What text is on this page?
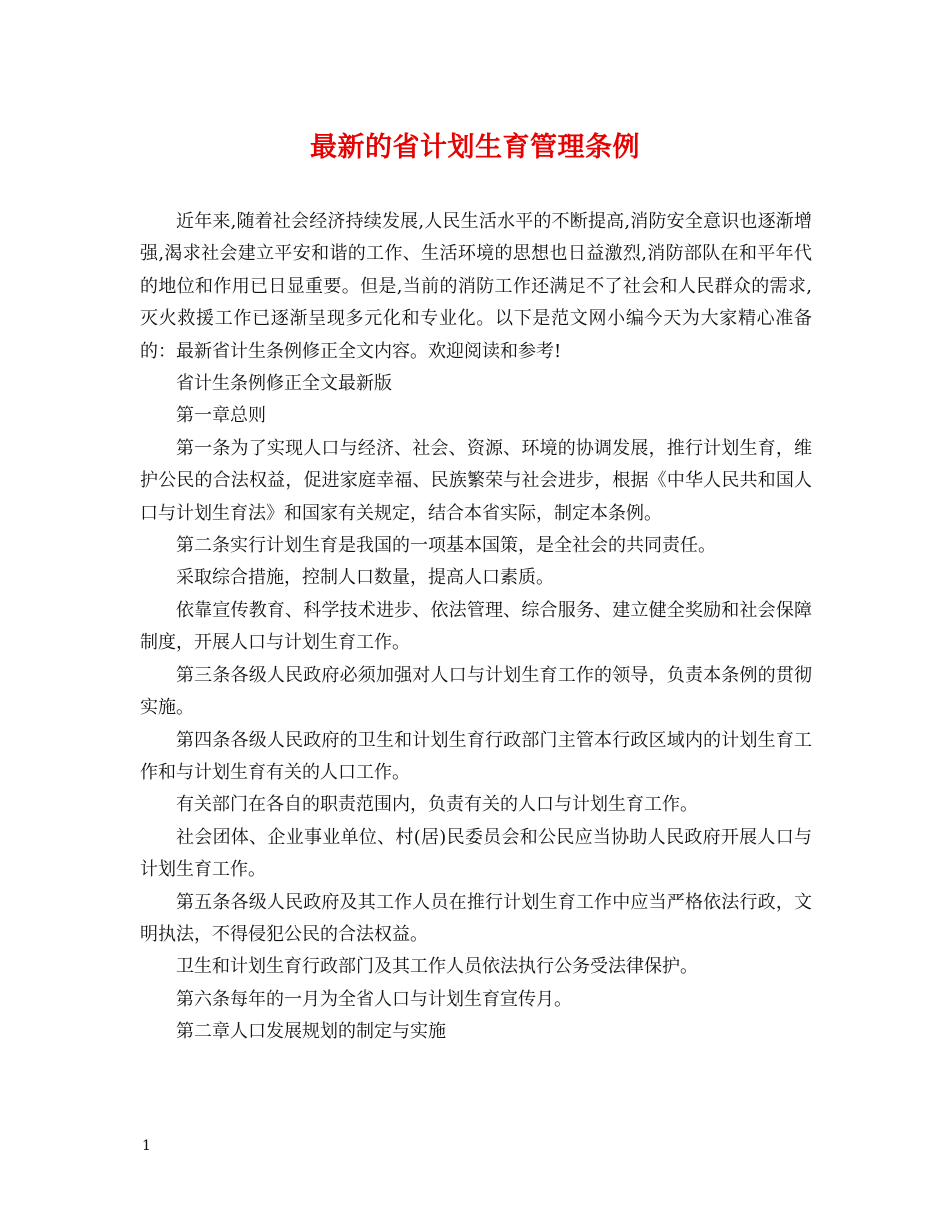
最新的省计划生育管理条例

近年来,随着社会经济持续发展,人民生活水平的不断提高,消防安全意识也逐渐增强,渴求社会建立平安和谐的工作、生活环境的思想也日益激烈,消防部队在和平年代的地位和作用已日显重要。但是,当前的消防工作还满足不了社会和人民群众的需求,灭火救援工作已逐渐呈现多元化和专业化。以下是范文网小编今天为大家精心准备的：最新省计生条例修正全文内容。欢迎阅读和参考!

省计生条例修正全文最新版

第一章总则

第一条为了实现人口与经济、社会、资源、环境的协调发展，推行计划生育，维护公民的合法权益，促进家庭幸福、民族繁荣与社会进步，根据《中华人民共和国人口与计划生育法》和国家有关规定，结合本省实际，制定本条例。

第二条实行计划生育是我国的一项基本国策，是全社会的共同责任。

采取综合措施，控制人口数量，提高人口素质。

依靠宣传教育、科学技术进步、依法管理、综合服务、建立健全奖励和社会保障制度，开展人口与计划生育工作。

第三条各级人民政府必须加强对人口与计划生育工作的领导，负责本条例的贯彻实施。

第四条各级人民政府的卫生和计划生育行政部门主管本行政区域内的计划生育工作和与计划生育有关的人口工作。

有关部门在各自的职责范围内，负责有关的人口与计划生育工作。

社会团体、企业事业单位、村(居)民委员会和公民应当协助人民政府开展人口与计划生育工作。

第五条各级人民政府及其工作人员在推行计划生育工作中应当严格依法行政，文明执法，不得侵犯公民的合法权益。

卫生和计划生育行政部门及其工作人员依法执行公务受法律保护。

第六条每年的一月为全省人口与计划生育宣传月。

第二章人口发展规划的制定与实施

1
